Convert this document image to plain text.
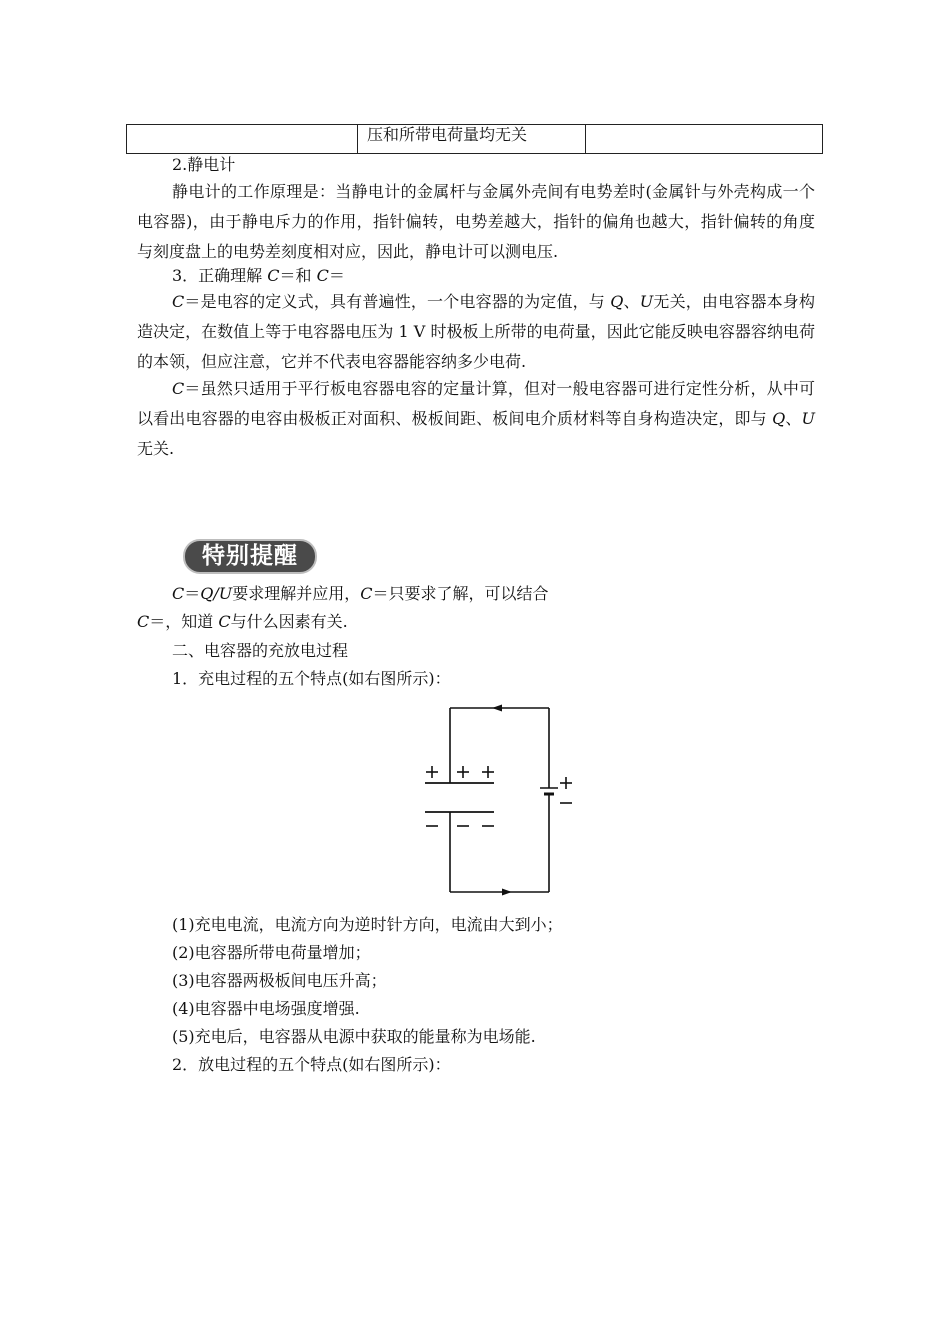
压和所带电荷量均无关
2.静电计
静电计的工作原理是：当静电计的金属杆与金属外壳间有电势差时(金属针与外壳构成一个电容器)，由于静电斥力的作用，指针偏转，电势差越大，指针的偏角也越大，指针偏转的角度与刻度盘上的电势差刻度相对应，因此，静电计可以测电压.
3．正确理解 C＝和 C＝
C＝是电容的定义式，具有普遍性，一个电容器的为定值，与 Q、U无关，由电容器本身构造决定，在数值上等于电容器电压为 1 V 时极板上所带的电荷量，因此它能反映电容器容纳电荷的本领，但应注意，它并不代表电容器能容纳多少电荷.
C＝虽然只适用于平行板电容器电容的定量计算，但对一般电容器可进行定性分析，从中可以看出电容器的电容由极板正对面积、极板间距、板间电介质材料等自身构造决定，即与 Q、U无关.
特别提醒
C＝Q/U要求理解并应用，C＝只要求了解，可以结合
C＝，知道 C与什么因素有关.
二、电容器的充放电过程
1．充电过程的五个特点(如右图所示)：
(1)充电电流，电流方向为逆时针方向，电流由大到小；
(2)电容器所带电荷量增加；
(3)电容器两极板间电压升高；
(4)电容器中电场强度增强.
(5)充电后，电容器从电源中获取的能量称为电场能.
2．放电过程的五个特点(如右图所示)：
